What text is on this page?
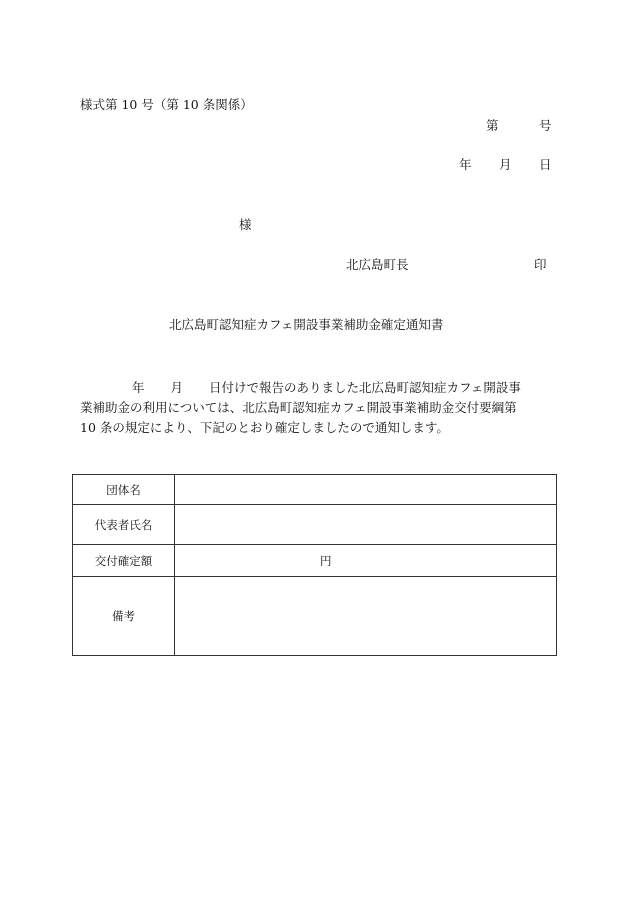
様式第 10 号（第 10 条関係）
第	号
年 月 日
様
北広島町長	印
北広島町認知症カフェ開設事業補助金確定通知書
年 月 日付けで報告のありました北広島町認知症カフェ開設事
業補助金の利用については、北広島町認知症カフェ開設事業補助金交付要綱第
10 条の規定により、下記のとおり確定しましたので通知します。
団体名	
代表者氏名	
交付確定額	円

備考	
